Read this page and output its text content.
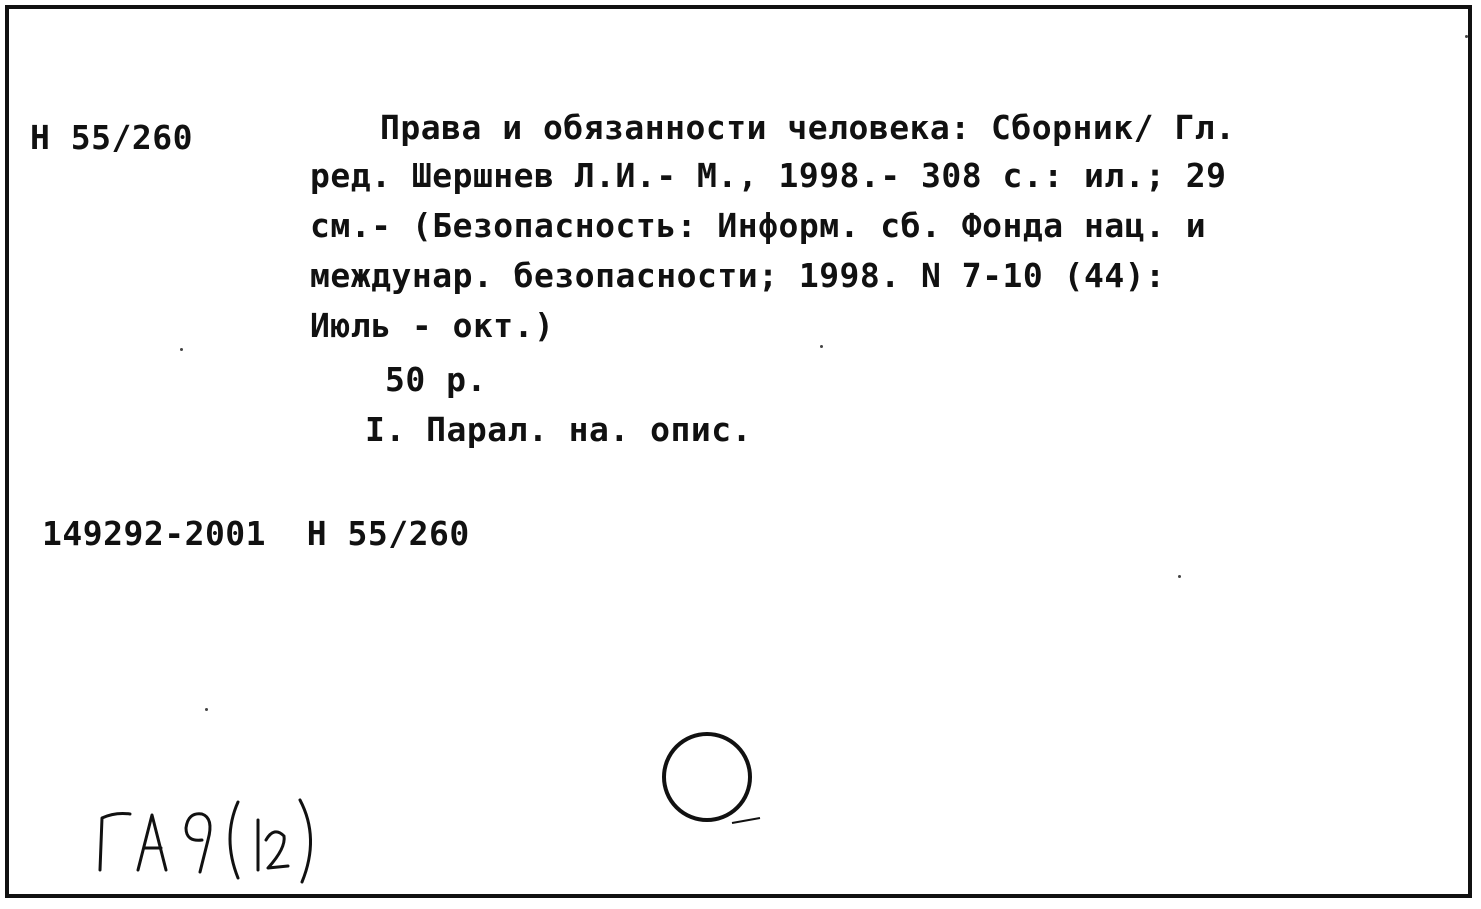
Н 55/260	Права и обязанности человека: Сборник/ Гл.
ред. Шершнев Л.И.- М., 1998.- 308 с.: ил.; 29
см.- (Безопасность: Информ. сб. Фонда нац. и
междунар. безопасности; 1998. N 7-10 (44):
Июль - окт.)
50 р.
I. Парал. на. опис.
149292-2001 Н 55/260
